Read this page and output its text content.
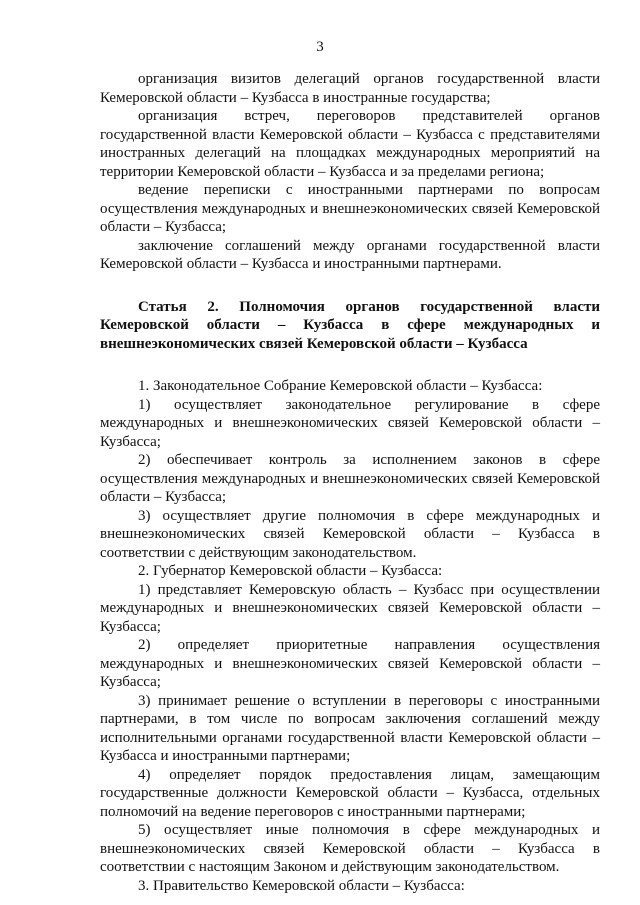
3

организация визитов делегаций органов государственной власти Кемеровской области – Кузбасса в иностранные государства;

организация встреч, переговоров представителей органов государственной власти Кемеровской области – Кузбасса с представителями иностранных делегаций на площадках международных мероприятий на территории Кемеровской области – Кузбасса и за пределами региона;

ведение переписки с иностранными партнерами по вопросам осуществления международных и внешнеэкономических связей Кемеровской области – Кузбасса;

заключение соглашений между органами государственной власти Кемеровской области – Кузбасса и иностранными партнерами.

Статья 2. Полномочия органов государственной власти Кемеровской области – Кузбасса в сфере международных и внешнеэкономических связей Кемеровской области – Кузбасса

1. Законодательное Собрание Кемеровской области – Кузбасса:

1) осуществляет законодательное регулирование в сфере международных и внешнеэкономических связей Кемеровской области – Кузбасса;

2) обеспечивает контроль за исполнением законов в сфере осуществления международных и внешнеэкономических связей Кемеровской области – Кузбасса;

3) осуществляет другие полномочия в сфере международных и внешнеэкономических связей Кемеровской области – Кузбасса в соответствии с действующим законодательством.

2. Губернатор Кемеровской области – Кузбасса:

1) представляет Кемеровскую область – Кузбасс при осуществлении международных и внешнеэкономических связей Кемеровской области – Кузбасса;

2) определяет приоритетные направления осуществления международных и внешнеэкономических связей Кемеровской области – Кузбасса;

3) принимает решение о вступлении в переговоры с иностранными партнерами, в том числе по вопросам заключения соглашений между исполнительными органами государственной власти Кемеровской области – Кузбасса и иностранными партнерами;

4) определяет порядок предоставления лицам, замещающим государственные должности Кемеровской области – Кузбасса, отдельных полномочий на ведение переговоров с иностранными партнерами;

5) осуществляет иные полномочия в сфере международных и внешнеэкономических связей Кемеровской области – Кузбасса в соответствии с настоящим Законом и действующим законодательством.

3. Правительство Кемеровской области – Кузбасса:
